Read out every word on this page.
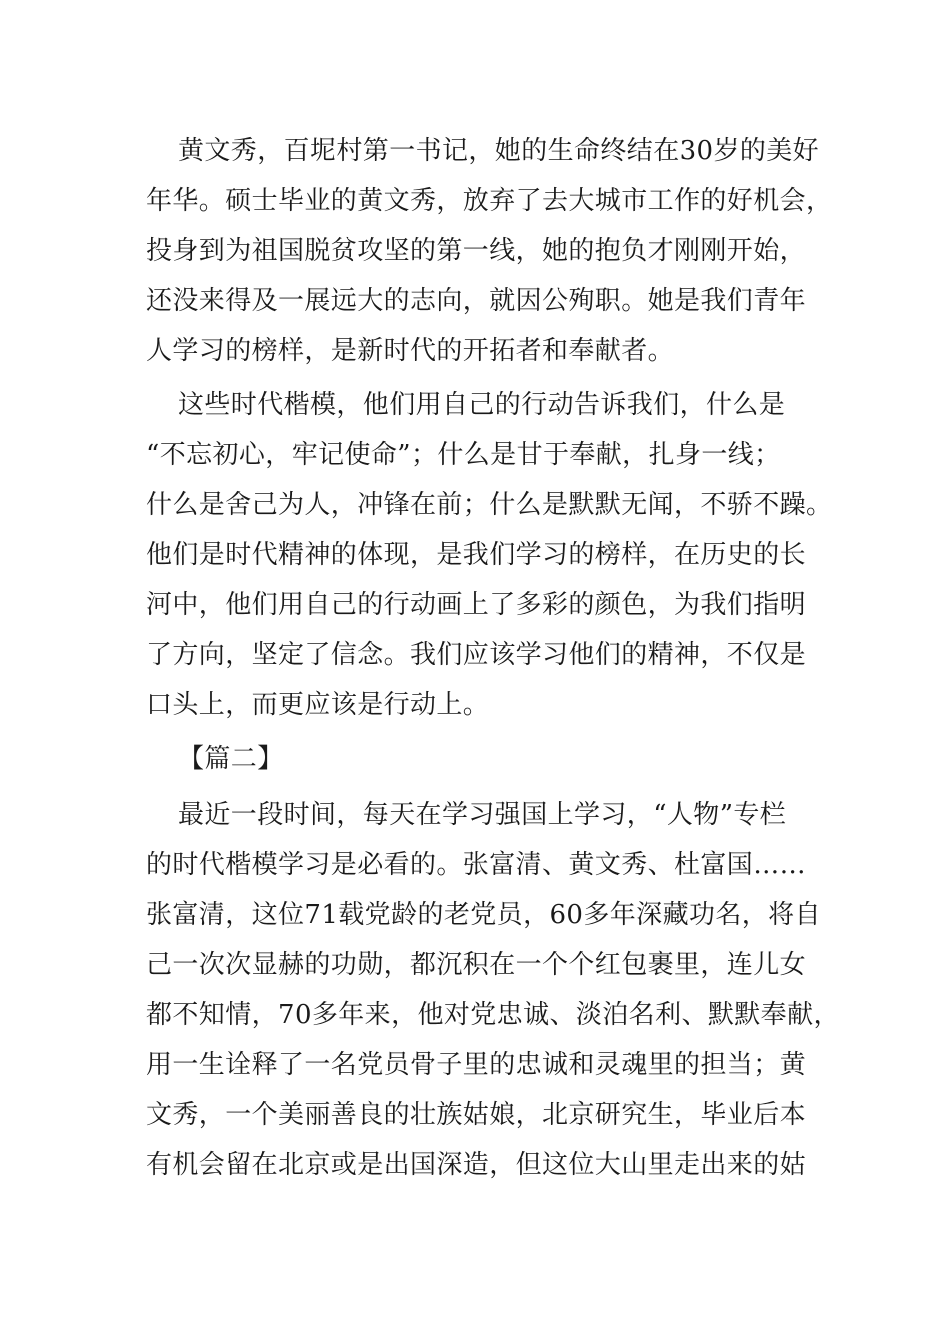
黄文秀，百坭村第一书记，她的生命终结在30岁的美好
年华。硕士毕业的黄文秀，放弃了去大城市工作的好机会，
投身到为祖国脱贫攻坚的第一线，她的抱负才刚刚开始，
还没来得及一展远大的志向，就因公殉职。她是我们青年
人学习的榜样，是新时代的开拓者和奉献者。
这些时代楷模，他们用自己的行动告诉我们，什么是
“不忘初心，牢记使命”；什么是甘于奉献，扎身一线；
什么是舍己为人，冲锋在前；什么是默默无闻，不骄不躁。
他们是时代精神的体现，是我们学习的榜样，在历史的长
河中，他们用自己的行动画上了多彩的颜色，为我们指明
了方向，坚定了信念。我们应该学习他们的精神，不仅是
口头上，而更应该是行动上。
【篇二】
最近一段时间，每天在学习强国上学习，“人物”专栏
的时代楷模学习是必看的。张富清、黄文秀、杜富国……
张富清，这位71载党龄的老党员，60多年深藏功名，将自
己一次次显赫的功勋，都沉积在一个个红包裹里，连儿女
都不知情，70多年来，他对党忠诚、淡泊名利、默默奉献，
用一生诠释了一名党员骨子里的忠诚和灵魂里的担当；黄
文秀，一个美丽善良的壮族姑娘，北京研究生，毕业后本
有机会留在北京或是出国深造，但这位大山里走出来的姑
